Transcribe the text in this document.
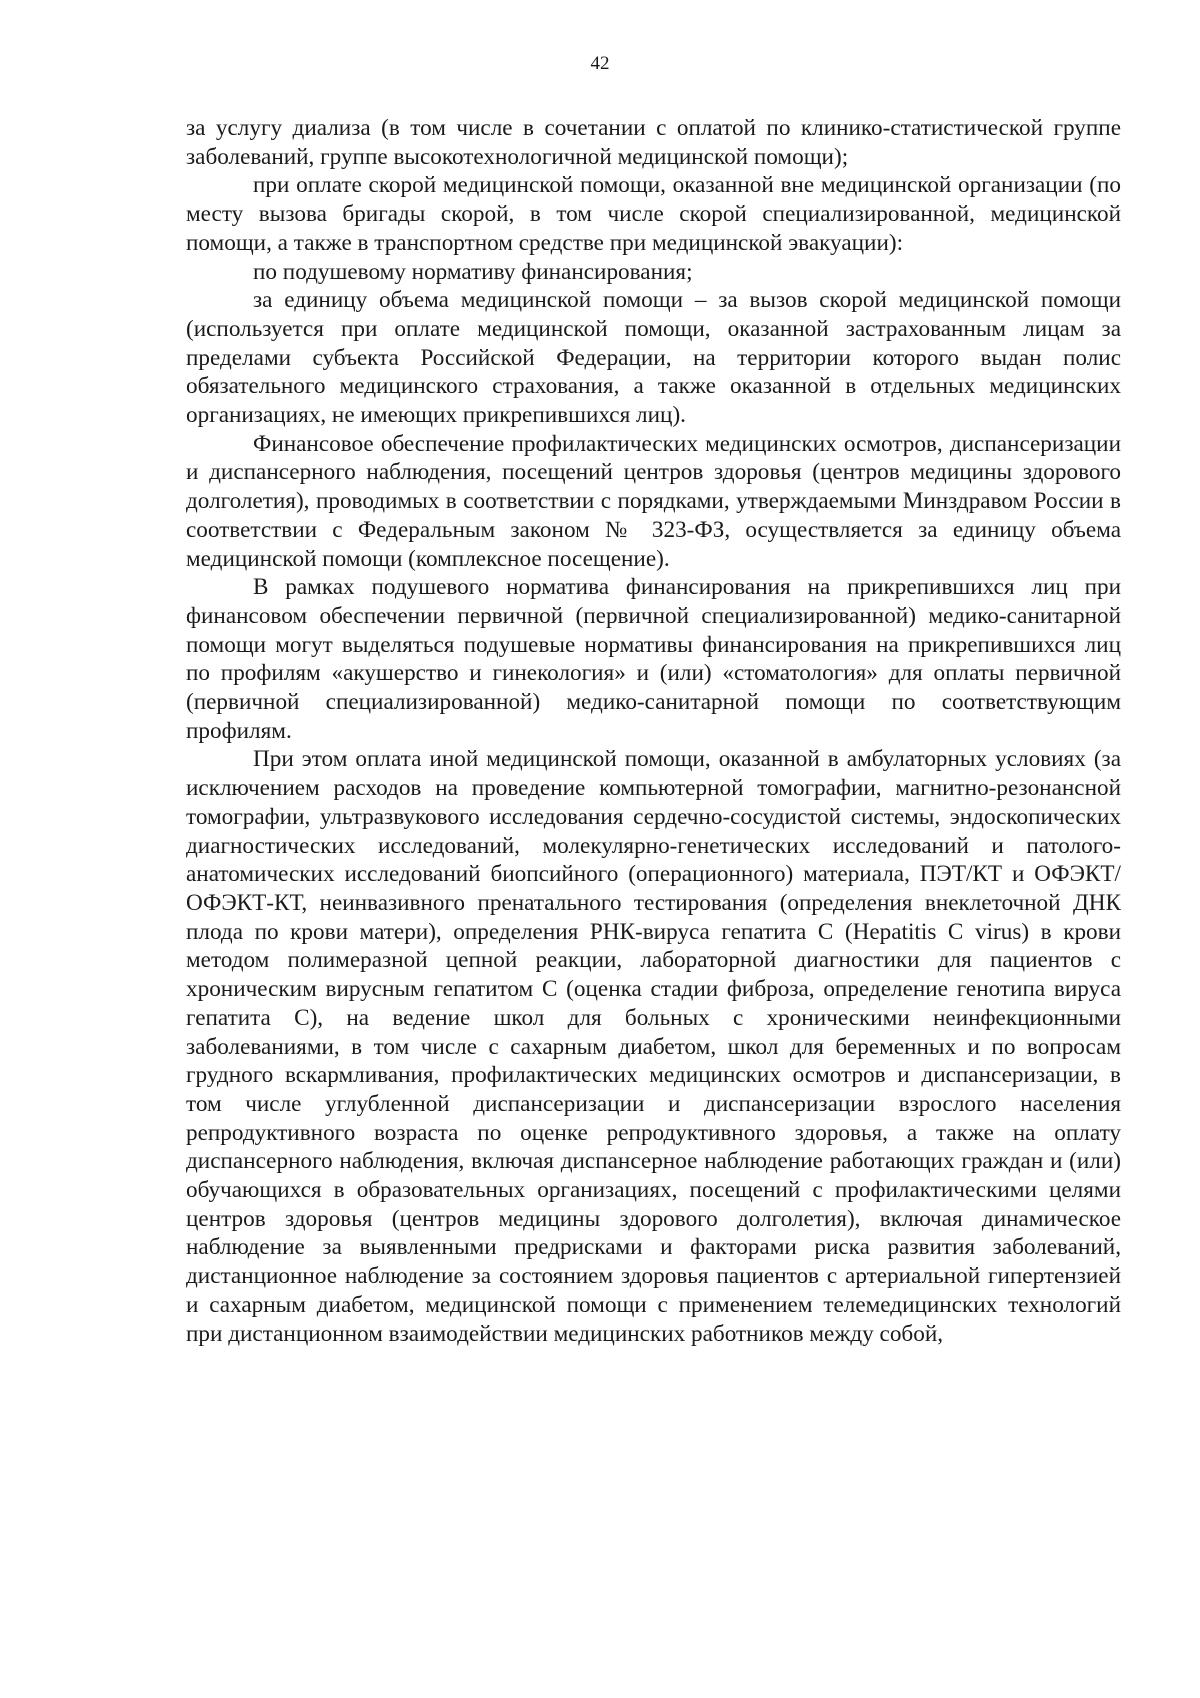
42

за услугу диализа (в том числе в сочетании с оплатой по клинико-статистической группе заболеваний, группе высокотехнологичной медицинской помощи);

при оплате скорой медицинской помощи, оказанной вне медицинской организации (по месту вызова бригады скорой, в том числе скорой специализированной, медицинской помощи, а также в транспортном средстве при медицинской эвакуации):

по подушевому нормативу финансирования;

за единицу объема медицинской помощи – за вызов скорой медицинской помощи (используется при оплате медицинской помощи, оказанной застрахованным лицам за пределами субъекта Российской Федерации, на территории которого выдан полис обязательного медицинского страхования, а также оказанной в отдельных медицинских организациях, не имеющих прикрепившихся лиц).

Финансовое обеспечение профилактических медицинских осмотров, диспансеризации и диспансерного наблюдения, посещений центров здоровья (центров медицины здорового долголетия), проводимых в соответствии с порядками, утверждаемыми Минздравом России в соответствии с Федеральным законом № 323-ФЗ, осуществляется за единицу объема медицинской помощи (комплексное посещение).

В рамках подушевого норматива финансирования на прикрепившихся лиц при финансовом обеспечении первичной (первичной специализированной) медико-санитарной помощи могут выделяться подушевые нормативы финансирования на прикрепившихся лиц по профилям «акушерство и гинекология» и (или) «стоматология» для оплаты первичной (первичной специализированной) медико-санитарной помощи по соответствующим профилям.

При этом оплата иной медицинской помощи, оказанной в амбулаторных условиях (за исключением расходов на проведение компьютерной томографии, магнитно-резонансной томографии, ультразвукового исследования сердечно-сосудистой системы, эндоскопических диагностических исследований, молекулярно-генетических исследований и патолого-анатомических исследований биопсийного (операционного) материала, ПЭТ/КТ и ОФЭКТ/ОФЭКТ-КТ, неинвазивного пренатального тестирования (определения внеклеточной ДНК плода по крови матери), определения РНК-вируса гепатита С (Hepatitis C virus) в крови методом полимеразной цепной реакции, лабораторной диагностики для пациентов с хроническим вирусным гепатитом С (оценка стадии фиброза, определение генотипа вируса гепатита С), на ведение школ для больных с хроническими неинфекционными заболеваниями, в том числе с сахарным диабетом, школ для беременных и по вопросам грудного вскармливания, профилактических медицинских осмотров и диспансеризации, в том числе углубленной диспансеризации и диспансеризации взрослого населения репродуктивного возраста по оценке репродуктивного здоровья, а также на оплату диспансерного наблюдения, включая диспансерное наблюдение работающих граждан и (или) обучающихся в образовательных организациях, посещений с профилактическими целями центров здоровья (центров медицины здорового долголетия), включая динамическое наблюдение за выявленными предрисками и факторами риска развития заболеваний, дистанционное наблюдение за состоянием здоровья пациентов с артериальной гипертензией и сахарным диабетом, медицинской помощи с применением телемедицинских технологий при дистанционном взаимодействии медицинских работников между собой,
